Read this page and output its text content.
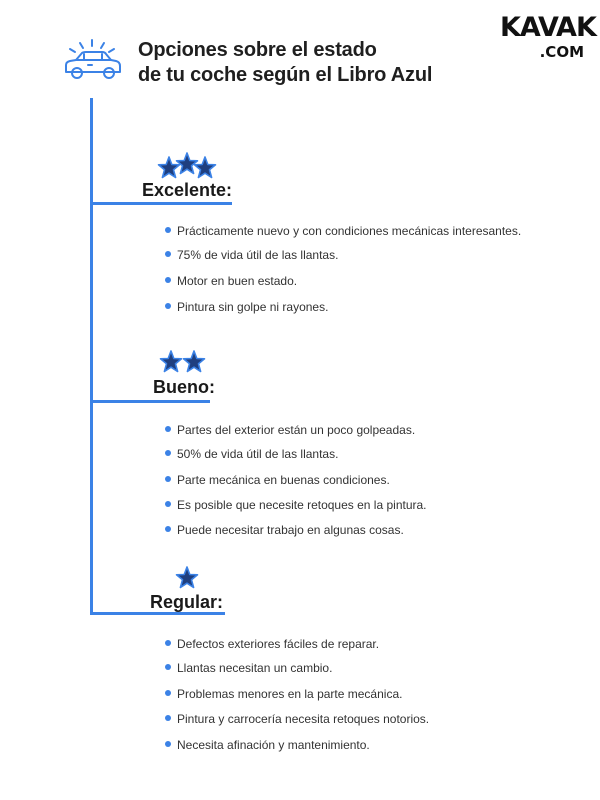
Opciones sobre el estado
de tu coche según el Libro Azul
KAVAK
.COM
Excelente:
Prácticamente nuevo y con condiciones mecánicas interesantes.
75% de vida útil de las llantas.
Motor en buen estado.
Pintura sin golpe ni rayones.
Bueno:
Partes del exterior están un poco golpeadas.
50% de vida útil de las llantas.
Parte mecánica en buenas condiciones.
Es posible que necesite retoques en la pintura.
Puede necesitar trabajo en algunas cosas.
Regular:
Defectos exteriores fáciles de reparar.
Llantas necesitan un cambio.
Problemas menores en la parte mecánica.
Pintura y carrocería necesita retoques notorios.
Necesita afinación y mantenimiento.
